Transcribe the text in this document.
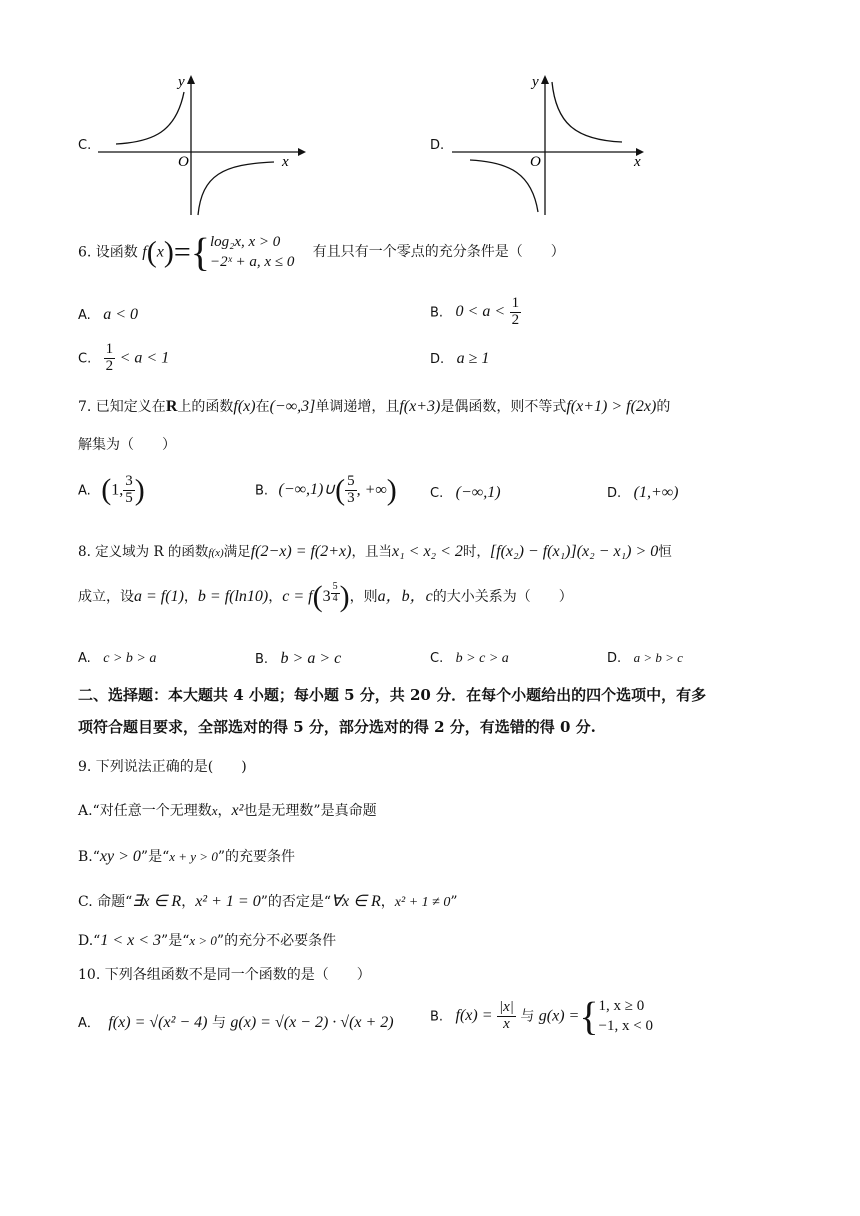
C.
O	x
y
D.
O	x
y
6. 设函数 f(x)={ log₂x, x > 0
−2ˣ + a, x ≤ 0
有且只有一个零点的充分条件是（　　）
A. a < 0	B. $0 < a < \frac{1}{2}$
C. $\frac{1}{2} < a < 1$	D. a ≥ 1
7. 已知定义在R上的函数f(x)在(−∞,3]单调递增，且f(x+3)是偶函数，则不等式f(x+1) > f(2x)的
解集为（　　）
A. (1, $\frac{3}{5}$ )	B. (−∞,1)∪( $\frac{5}{3}$ , +∞)	C. (−∞,1)	D. (1,+∞)
8. 定义域为 R 的函数f(x)满足f(2−x) = f(2+x)，且当x₁ < x₂ < 2时，[f(x₂) − f(x₁)](x₂ − x₁) > 0恒
成立，设a = f(1)，b = f(ln10)，c = f(3 $^{\frac{5}{4}}$ )，则a，b，c的大小关系为（　　）
A. c > b > a	B. b > a > c	C. b > c > a	D. a > b > c
二、选择题：本大题共 4 小题；每小题 5 分，共 20 分．在每个小题给出的四个选项中，有多
项符合题目要求，全部选对的得 5 分，部分选对的得 2 分，有选错的得 0 分.
9. 下列说法正确的是(　　)
A.“对任意一个无理数x，x²也是无理数”是真命题
B.“xy > 0”是“x + y > 0”的充要条件
C. 命题“∃x ∈ R，x² + 1 = 0”的否定是“∀x ∈ R，x² + 1 ≠ 0”
D.“1 < x < 3”是“x > 0”的充分不必要条件
10. 下列各组函数不是同一个函数的是（　　）
A． f(x) = √(x² − 4) 与 g(x) = √(x − 2) · √(x + 2)	B. $f(x) = \frac{|x|}{x}$ 与 g(x) ={ 1, x ≥ 0
−1, x < 0
